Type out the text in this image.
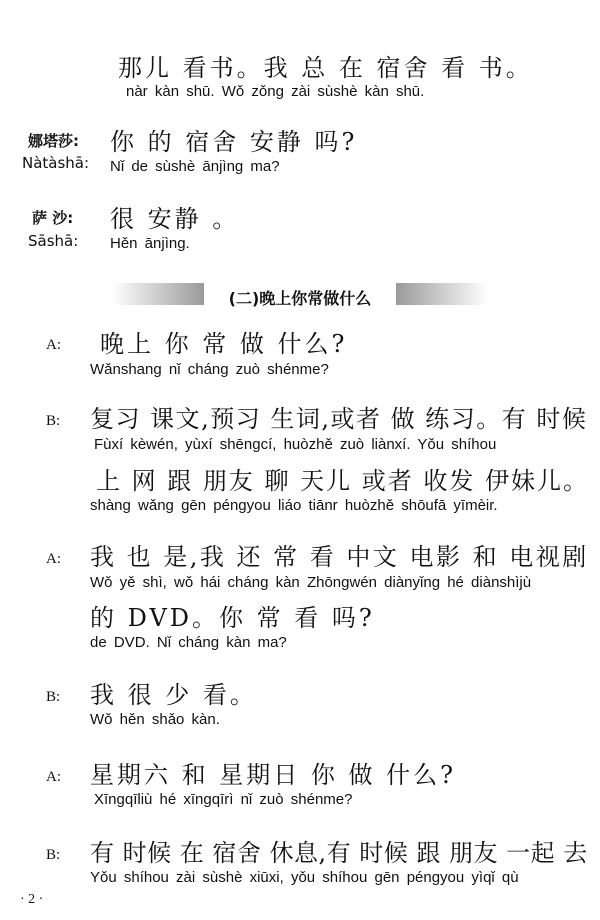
那儿 看书。我 总 在 宿舍 看 书。
nàr kàn shū. Wǒ zǒng zài sùshè kàn shū.
娜塔莎:
Nàtàshā:
你 的 宿舍 安静 吗?
Nǐ de sùshè ānjìng ma?
萨 沙:
Sāshā:
很 安静 。
Hěn ānjìng.
(二)晚上你常做什么
A: 晚上 你 常 做 什么?
Wǎnshang nǐ cháng zuò shénme?
B: 复习 课文,预习 生词,或者 做 练习。有 时候
Fùxí kèwén, yùxí shēngcí, huòzhě zuò liànxí. Yǒu shíhou
上 网 跟 朋友 聊 天儿 或者 收发 伊妹儿。
shàng wǎng gēn péngyou liáo tiānr huòzhě shōufā yīmèir.
A: 我 也 是,我 还 常 看 中文 电影 和 电视剧
Wǒ yě shì, wǒ hái cháng kàn Zhōngwén diànyǐng hé diànshìjù
的 DVD。你 常 看 吗?
de DVD. Nǐ cháng kàn ma?
B: 我 很 少 看。
Wǒ hěn shǎo kàn.
A: 星期六 和 星期日 你 做 什么?
Xīngqīliù hé xīngqīrì nǐ zuò shénme?
B: 有 时候 在 宿舍 休息,有 时候 跟 朋友 一起 去
Yǒu shíhou zài sùshè xiūxi, yǒu shíhou gēn péngyou yìqǐ qù
· 2 ·
